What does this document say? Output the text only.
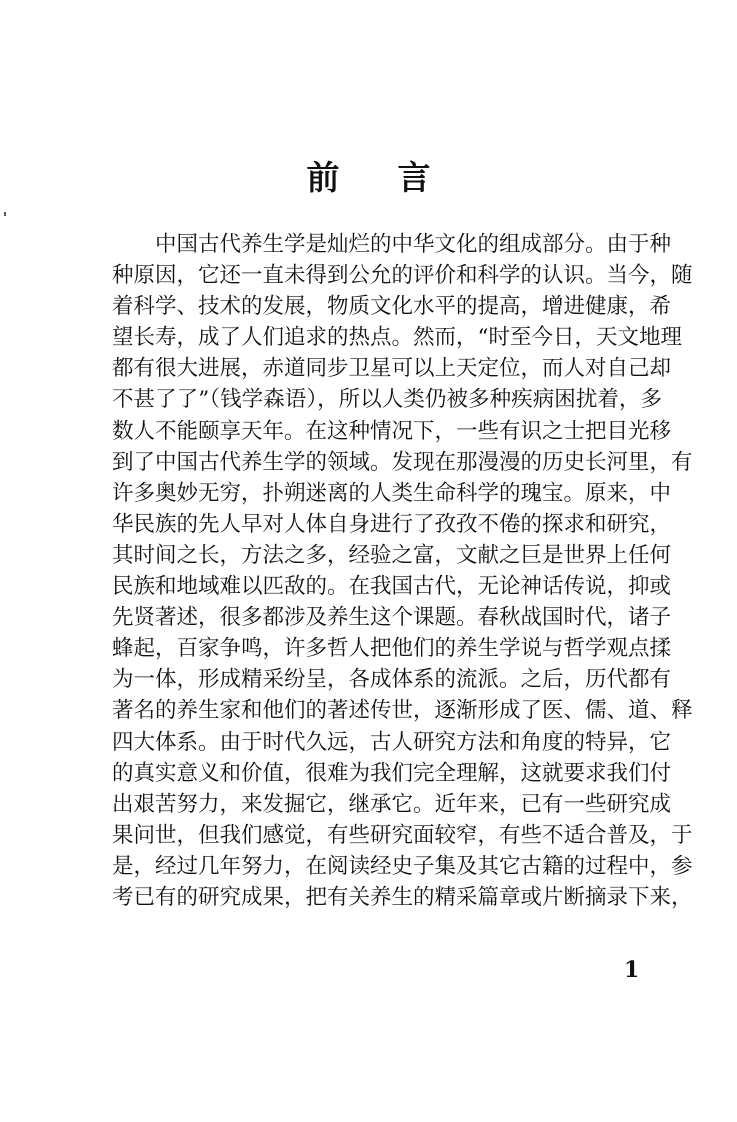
前 言
中国古代养生学是灿烂的中华文化的组成部分。由于种
种原因，它还一直未得到公允的评价和科学的认识。当今，随
着科学、技术的发展，物质文化水平的提高，增进健康，希
望长寿，成了人们追求的热点。然而，“时至今日，天文地理
都有很大进展，赤道同步卫星可以上天定位，而人对自己却
不甚了了”（钱学森语），所以人类仍被多种疾病困扰着，多
数人不能颐享天年。在这种情况下，一些有识之士把目光移
到了中国古代养生学的领域。发现在那漫漫的历史长河里，有
许多奥妙无穷，扑朔迷离的人类生命科学的瑰宝。原来，中
华民族的先人早对人体自身进行了孜孜不倦的探求和研究，
其时间之长，方法之多，经验之富，文献之巨是世界上任何
民族和地域难以匹敌的。在我国古代，无论神话传说，抑或
先贤著述，很多都涉及养生这个课题。春秋战国时代，诸子
蜂起，百家争鸣，许多哲人把他们的养生学说与哲学观点揉
为一体，形成精采纷呈，各成体系的流派。之后，历代都有
著名的养生家和他们的著述传世，逐渐形成了医、儒、道、释
四大体系。由于时代久远，古人研究方法和角度的特异，它
的真实意义和价值，很难为我们完全理解，这就要求我们付
出艰苦努力，来发掘它，继承它。近年来，已有一些研究成
果问世，但我们感觉，有些研究面较窄，有些不适合普及，于
是，经过几年努力，在阅读经史子集及其它古籍的过程中，参
考已有的研究成果，把有关养生的精采篇章或片断摘录下来，
1
